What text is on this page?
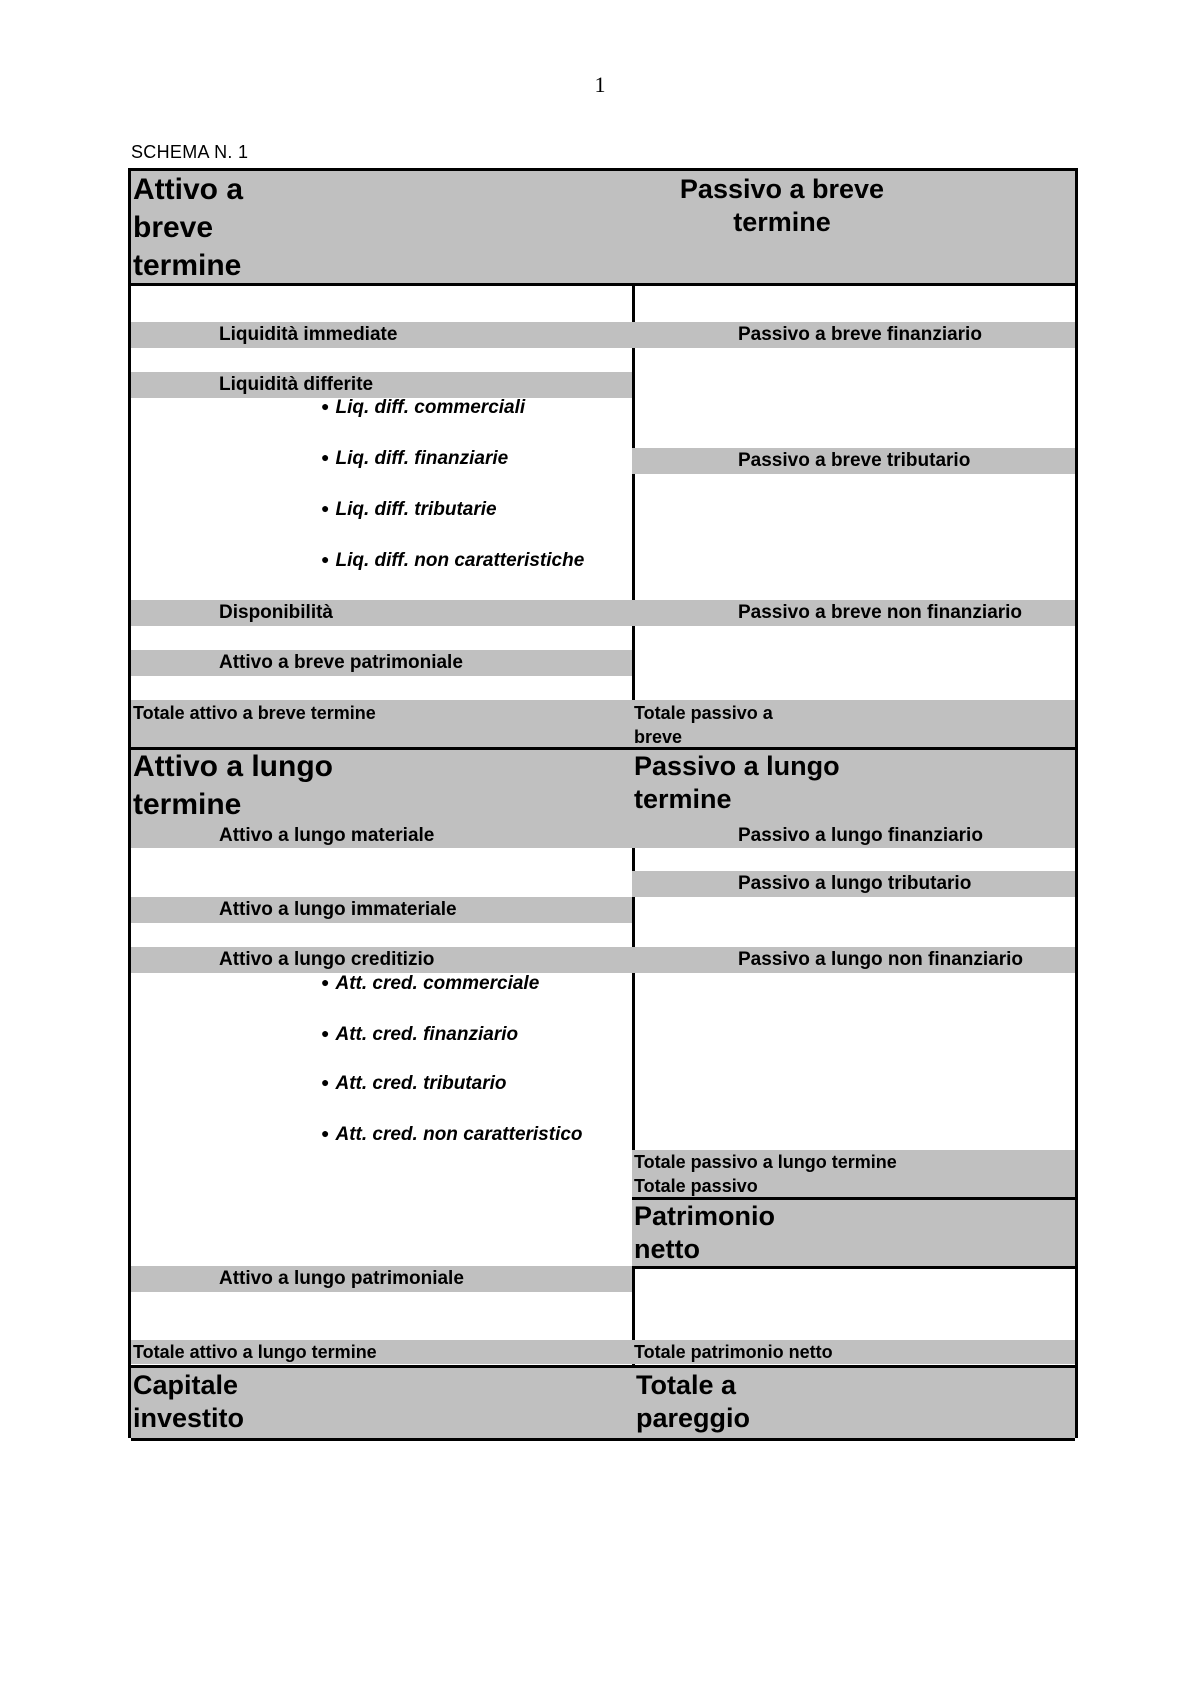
1
SCHEMA N. 1
Attivo a
breve
termine
Liquidità immediate
Liquidità differite
● Liq. diff. commerciali
● Liq. diff. finanziarie
● Liq. diff. tributarie
● Liq. diff. non caratteristiche
Disponibilità
Attivo a breve patrimoniale
Totale attivo a breve termine
Attivo a lungo
termine
Attivo a lungo materiale
Attivo a lungo immateriale
Attivo a lungo creditizio
● Att. cred. commerciale
● Att. cred. finanziario
● Att. cred. tributario
● Att. cred. non caratteristico
Attivo a lungo patrimoniale
Totale attivo a lungo termine
Capitale
investito
Passivo a breve
termine
Passivo a breve finanziario
Passivo a breve tributario
Passivo a breve non finanziario
Totale passivo a
breve
Passivo a lungo
termine
Passivo a lungo finanziario
Passivo a lungo tributario
Passivo a lungo non finanziario
Totale passivo a lungo termine
Totale passivo
Patrimonio
netto
Totale patrimonio netto
Totale a
pareggio
